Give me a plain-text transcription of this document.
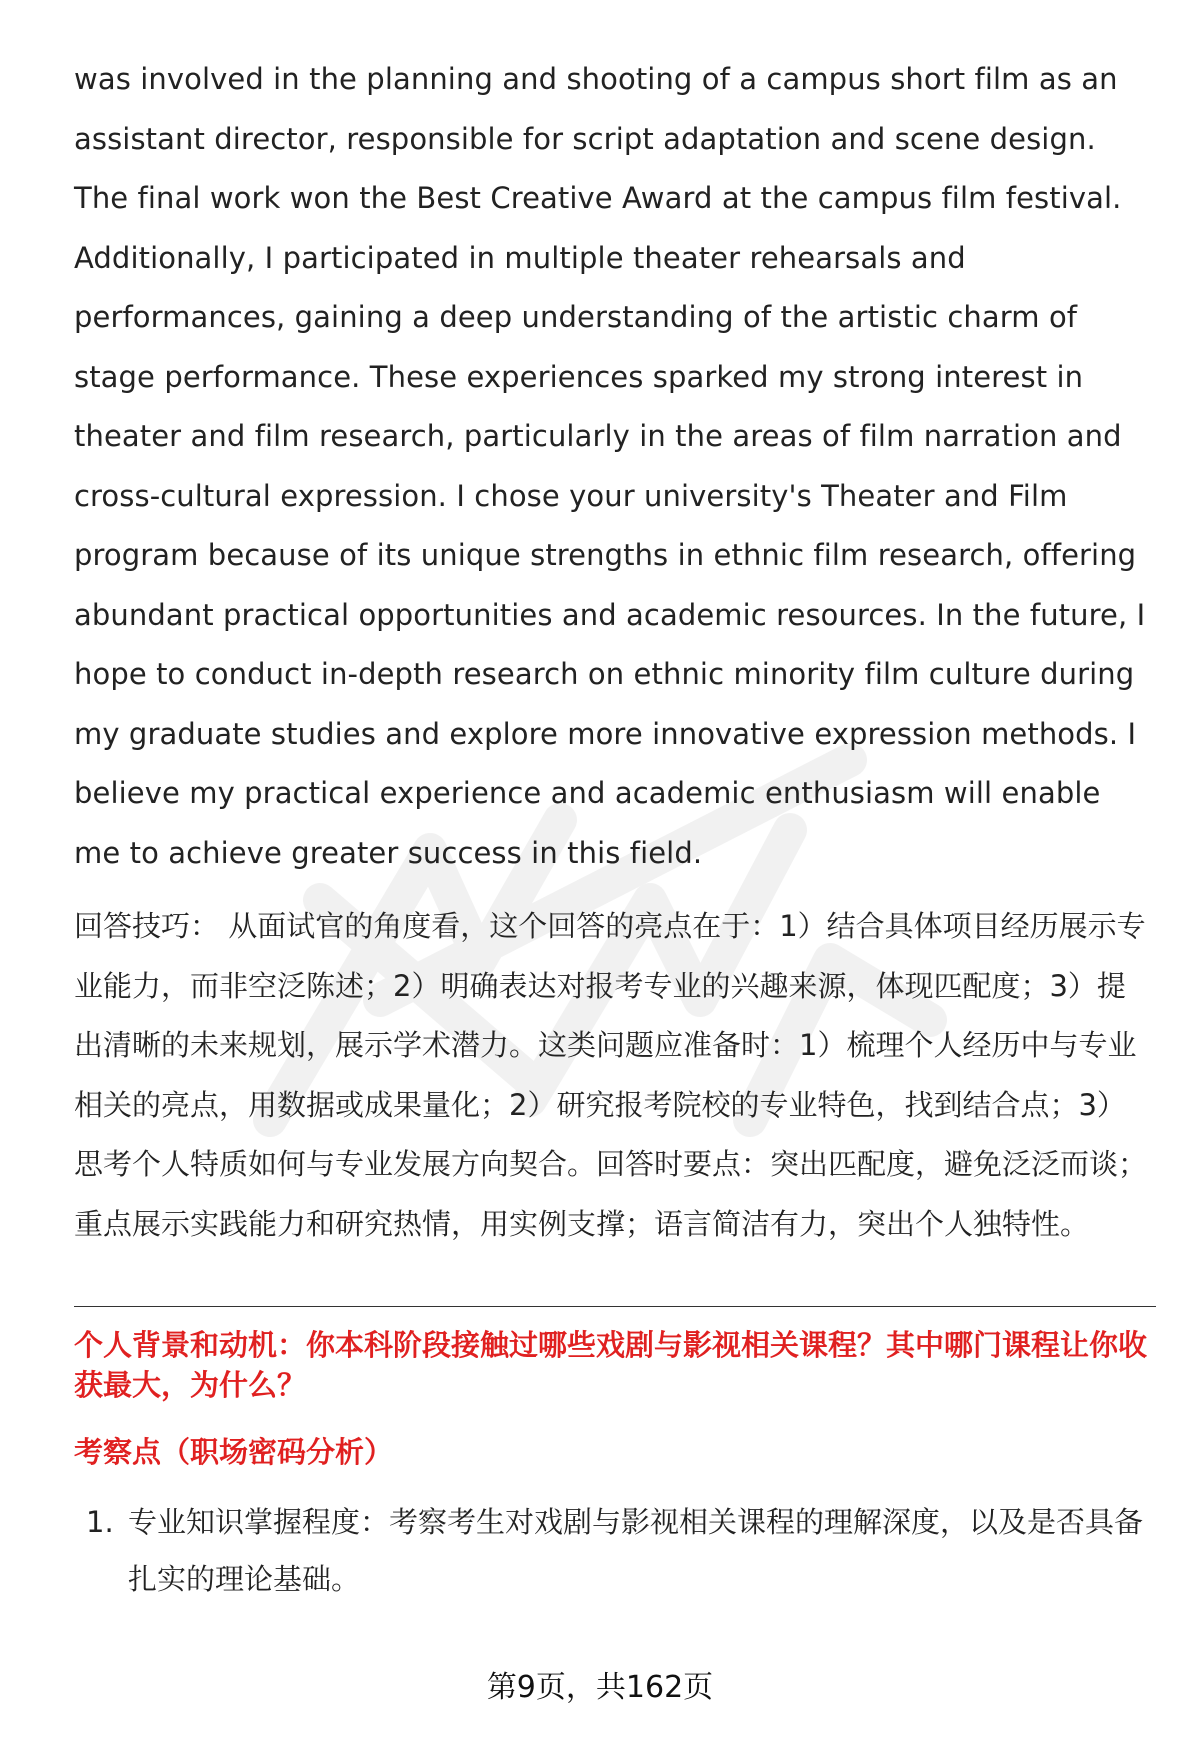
was involved in the planning and shooting of a campus short film as an assistant director, responsible for script adaptation and scene design. The final work won the Best Creative Award at the campus film festival. Additionally, I participated in multiple theater rehearsals and performances, gaining a deep understanding of the artistic charm of stage performance. These experiences sparked my strong interest in theater and film research, particularly in the areas of film narration and cross-cultural expression. I chose your university's Theater and Film program because of its unique strengths in ethnic film research, offering abundant practical opportunities and academic resources. In the future, I hope to conduct in-depth research on ethnic minority film culture during my graduate studies and explore more innovative expression methods. I believe my practical experience and academic enthusiasm will enable me to achieve greater success in this field.

回答技巧： 从面试官的角度看，这个回答的亮点在于：1）结合具体项目经历展示专业能力，而非空泛陈述；2）明确表达对报考专业的兴趣来源，体现匹配度；3）提出清晰的未来规划，展示学术潜力。这类问题应准备时：1）梳理个人经历中与专业相关的亮点，用数据或成果量化；2）研究报考院校的专业特色，找到结合点；3）思考个人特质如何与专业发展方向契合。回答时要点：突出匹配度，避免泛泛而谈；重点展示实践能力和研究热情，用实例支撑；语言简洁有力，突出个人独特性。

个人背景和动机：你本科阶段接触过哪些戏剧与影视相关课程？其中哪门课程让你收获最大，为什么？
考察点（职场密码分析）
1. 专业知识掌握程度：考察考生对戏剧与影视相关课程的理解深度，以及是否具备扎实的理论基础。
第9页，共162页
